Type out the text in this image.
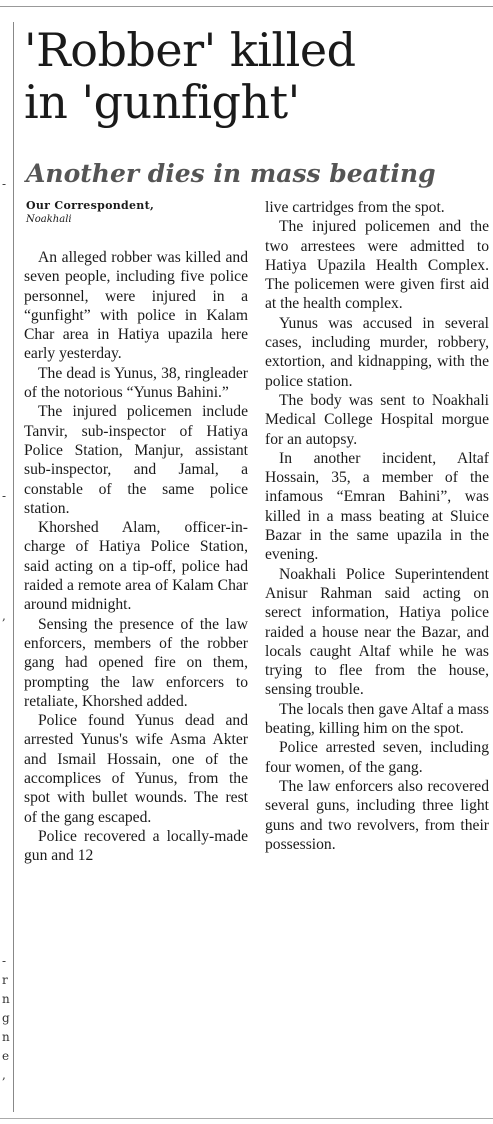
-
-
,
-
r
n
g
n
e
,
'Robber' killed
in 'gunfight'
Another dies in mass beating
Our Correspondent,
Noakhali

An alleged robber was killed and seven people, including five police personnel, were injured in a “gunfight” with police in Kalam Char area in Hatiya upazila here early yesterday.

The dead is Yunus, 38, ringleader of the notorious “Yunus Bahini.”

The injured policemen include Tanvir, sub-inspector of Hatiya Police Station, Manjur, assistant sub-inspector, and Jamal, a constable of the same police station.

Khorshed Alam, officer-in-charge of Hatiya Police Station, said acting on a tip-off, police had raided a remote area of Kalam Char around midnight.

Sensing the presence of the law enforcers, members of the robber gang had opened fire on them, prompting the law enforcers to retaliate, Khorshed added.

Police found Yunus dead and arrested Yunus's wife Asma Akter and Ismail Hossain, one of the accomplices of Yunus, from the spot with bullet wounds. The rest of the gang escaped.

Police recovered a locally-made gun and 12

live cartridges from the spot.

The injured policemen and the two arrestees were admitted to Hatiya Upazila Health Complex. The policemen were given first aid at the health complex.

Yunus was accused in several cases, including murder, robbery, extortion, and kidnapping, with the police station.

The body was sent to Noakhali Medical College Hospital morgue for an autopsy.

In another incident, Altaf Hossain, 35, a member of the infamous “Emran Bahini”, was killed in a mass beating at Sluice Bazar in the same upazila in the evening.

Noakhali Police Superintendent Anisur Rahman said acting on serect information, Hatiya police raided a house near the Bazar, and locals caught Altaf while he was trying to flee from the house, sensing trouble.

The locals then gave Altaf a mass beating, killing him on the spot.

Police arrested seven, including four women, of the gang.

The law enforcers also recovered several guns, including three light guns and two revolvers, from their possession.
